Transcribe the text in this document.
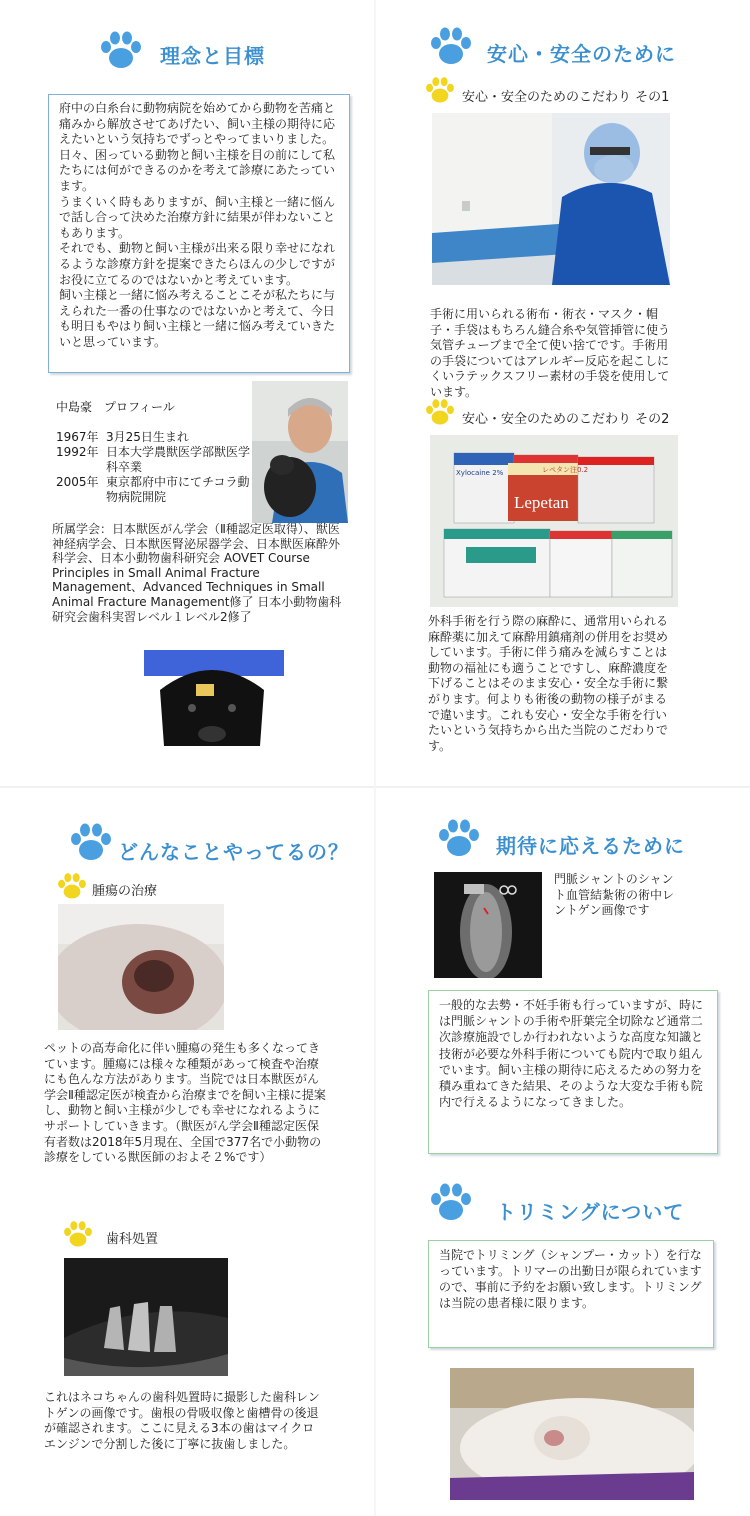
理念と目標

府中の白糸台に動物病院を始めてから動物を苦痛と痛みから解放させてあげたい、飼い主様の期待に応えたいという気持ちでずっとやってまいりました。

日々、困っている動物と飼い主様を目の前にして私たちには何ができるのかを考えて診療にあたっています。

うまくいく時もありますが、飼い主様と一緒に悩んで話し合って決めた治療方針に結果が伴わないこともあります。

それでも、動物と飼い主様が出来る限り幸せになれるような診療方針を提案できたらほんの少しですがお役に立てるのではないかと考えています。

飼い主様と一緒に悩み考えることこそが私たちに与えられた一番の仕事なのではないかと考えて、今日も明日もやはり飼い主様と一緒に悩み考えていきたいと思っています。

中島豪　プロフィール
1967年 3月25日生まれ
1992年 日本大学農獣医学部獣医学科卒業
2005年 東京都府中市にてチコラ動物病院開院
所属学会：日本獣医がん学会（Ⅱ種認定医取得）、獣医神経病学会、日本獣医腎泌尿器学会、日本獣医麻酔外科学会、日本小動物歯科研究会 AOVET Course Principles in Small Animal Fracture Management、Advanced Techniques in Small Animal Fracture Management修了 日本小動物歯科研究会歯科実習レベル１レベル2修了
安心・安全のために
安心・安全のためのこだわり その1
手術に用いられる術布・術衣・マスク・帽子・手袋はもちろん縫合糸や気管挿管に使う気管チューブまで全て使い捨てです。手術用の手袋についてはアレルギー反応を起こしにくいラテックスフリー素材の手袋を使用しています。
安心・安全のためのこだわり その2
Xylocaine 2%	レペタン注0.2
Lepetan
外科手術を行う際の麻酔に、通常用いられる麻酔薬に加えて麻酔用鎮痛剤の併用をお奨めしています。手術に伴う痛みを減らすことは動物の福祉にも適うことですし、麻酔濃度を下げることはそのまま安心・安全な手術に繋がります。何よりも術後の動物の様子がまるで違います。これも安心・安全な手術を行いたいという気持ちから出た当院のこだわりです。
どんなことやってるの？
腫瘍の治療
ペットの高寿命化に伴い腫瘍の発生も多くなってきています。腫瘍には様々な種類があって検査や治療にも色んな方法があります。当院では日本獣医がん学会Ⅱ種認定医が検査から治療までを飼い主様に提案し、動物と飼い主様が少しでも幸せになれるようにサポートしていきます。（獣医がん学会Ⅱ種認定医保有者数は2018年5月現在、全国で377名で小動物の診療をしている獣医師のおよそ２%です）
歯科処置
これはネコちゃんの歯科処置時に撮影した歯科レントゲンの画像です。歯根の骨吸収像と歯槽骨の後退が確認されます。ここに見える3本の歯はマイクロエンジンで分割した後に丁寧に抜歯しました。
期待に応えるために
門脈シャントのシャント血管結紮術の術中レントゲン画像です
一般的な去勢・不妊手術も行っていますが、時には門脈シャントの手術や肝葉完全切除など通常二次診療施設でしか行われないような高度な知識と技術が必要な外科手術についても院内で取り組んでいます。飼い主様の期待に応えるための努力を積み重ねてきた結果、そのような大変な手術も院内で行えるようになってきました。
トリミングについて
当院でトリミング（シャンプー・カット）を行なっています。トリマーの出勤日が限られていますので、事前に予約をお願い致します。トリミングは当院の患者様に限ります。
